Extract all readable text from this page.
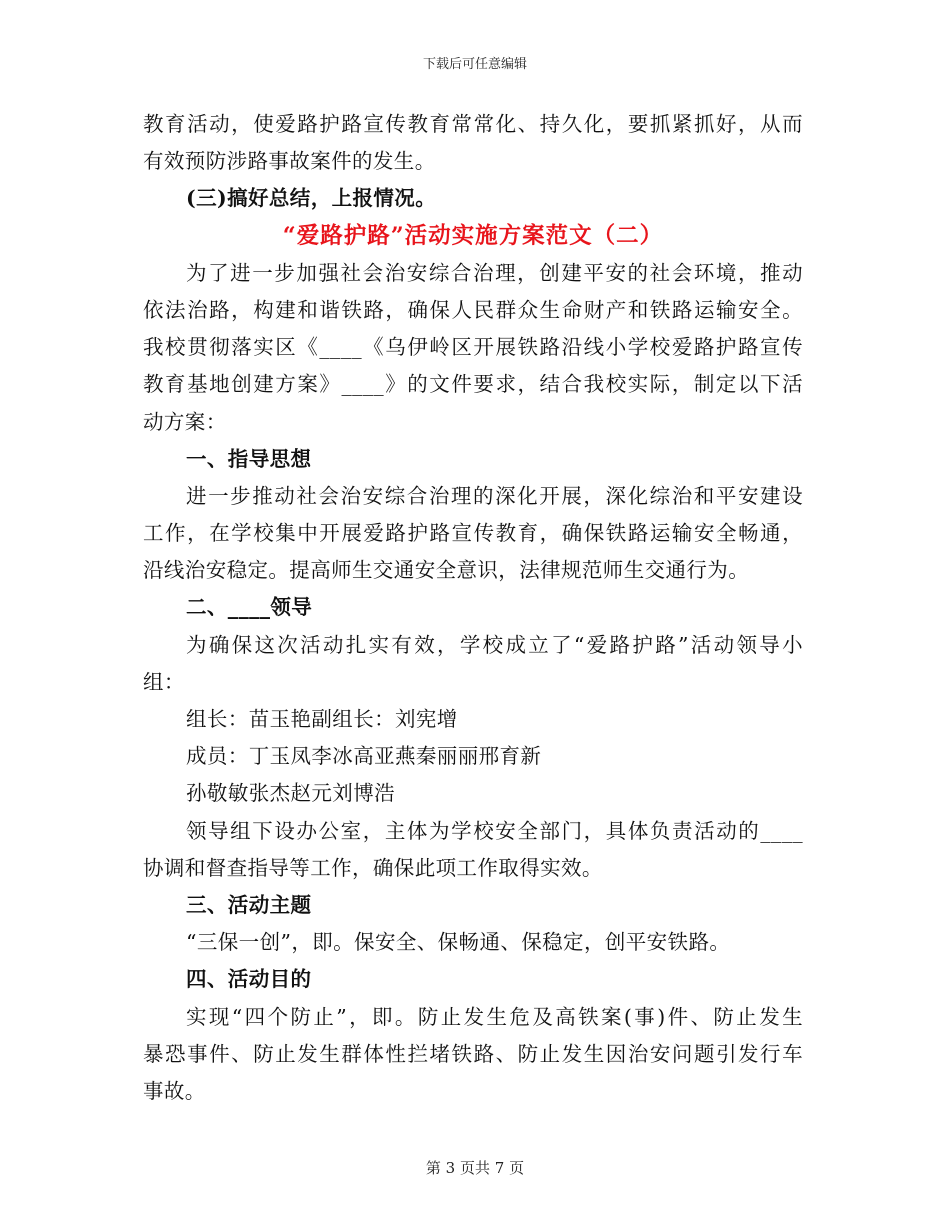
下载后可任意编辑
教育活动，使爱路护路宣传教育常常化、持久化，要抓紧抓好，从而
有效预防涉路事故案件的发生。
(三)搞好总结，上报情况。
“爱路护路”活动实施方案范文（二）
为了进一步加强社会治安综合治理，创建平安的社会环境，推动
依法治路，构建和谐铁路，确保人民群众生命财产和铁路运输安全。
我校贯彻落实区《____《乌伊岭区开展铁路沿线小学校爱路护路宣传
教育基地创建方案》____》的文件要求，结合我校实际，制定以下活
动方案：
一、指导思想
进一步推动社会治安综合治理的深化开展，深化综治和平安建设
工作，在学校集中开展爱路护路宣传教育，确保铁路运输安全畅通，
沿线治安稳定。提高师生交通安全意识，法律规范师生交通行为。
二、____领导
为确保这次活动扎实有效，学校成立了“爱路护路”活动领导小
组：
组长：苗玉艳副组长：刘宪增
成员：丁玉凤李冰高亚燕秦丽丽邢育新
孙敬敏张杰赵元刘博浩
领导组下设办公室，主体为学校安全部门，具体负责活动的____
协调和督查指导等工作，确保此项工作取得实效。
三、活动主题
“三保一创”，即。保安全、保畅通、保稳定，创平安铁路。
四、活动目的
实现“四个防止”，即。防止发生危及高铁案(事)件、防止发生
暴恐事件、防止发生群体性拦堵铁路、防止发生因治安问题引发行车
事故。
第 3 页共 7 页
